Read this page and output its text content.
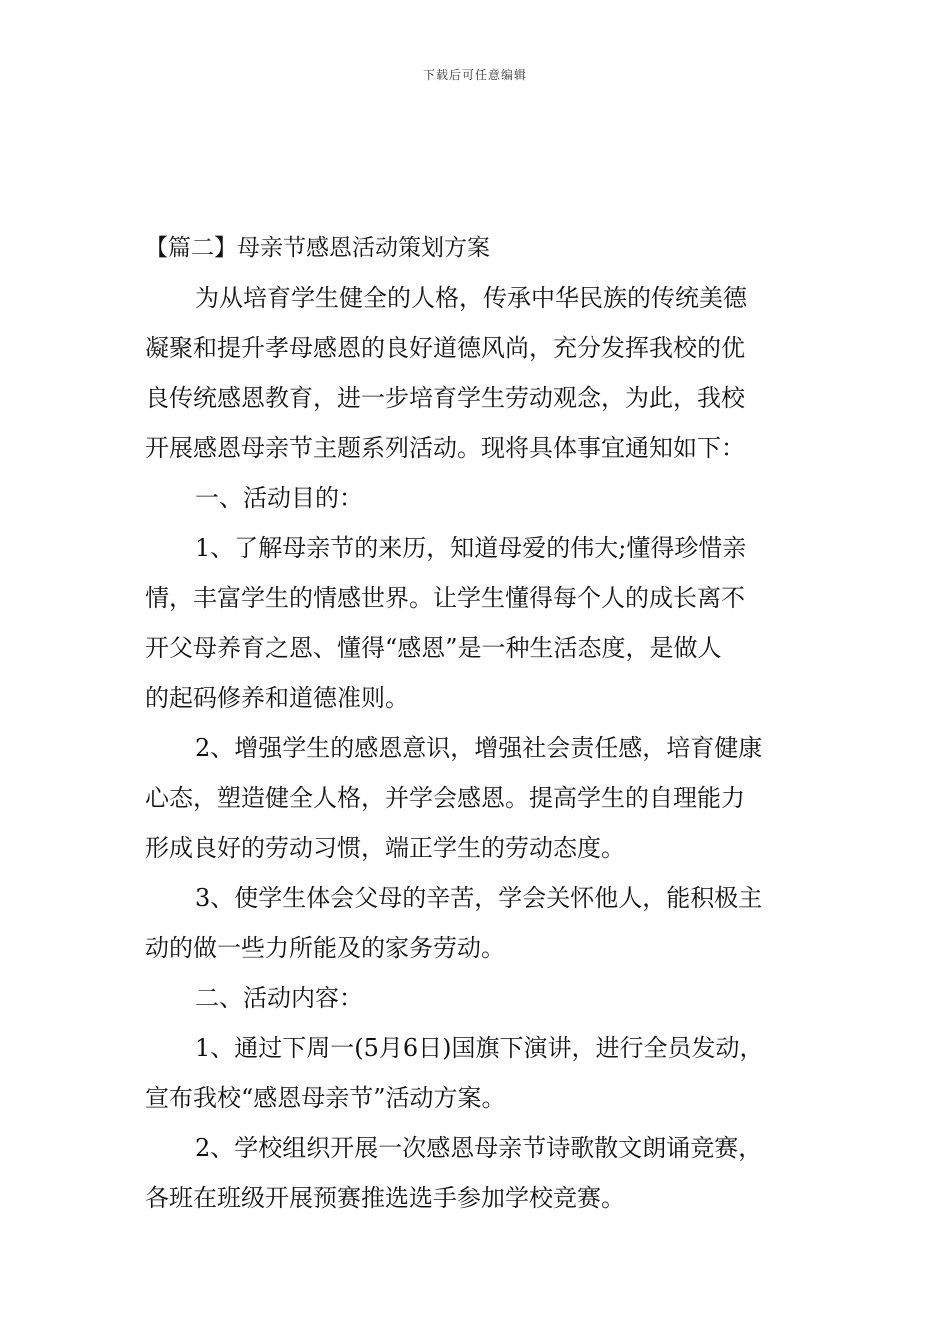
下载后可任意编辑
【篇二】母亲节感恩活动策划方案
为从培育学生健全的人格，传承中华民族的传统美德
凝聚和提升孝母感恩的良好道德风尚，充分发挥我校的优
良传统感恩教育，进一步培育学生劳动观念，为此，我校
开展感恩母亲节主题系列活动。现将具体事宜通知如下：
一、活动目的：
1、了解母亲节的来历，知道母爱的伟大;懂得珍惜亲
情，丰富学生的情感世界。让学生懂得每个人的成长离不
开父母养育之恩、懂得“感恩”是一种生活态度，是做人
的起码修养和道德准则。
2、增强学生的感恩意识，增强社会责任感，培育健康
心态，塑造健全人格，并学会感恩。提高学生的自理能力
形成良好的劳动习惯，端正学生的劳动态度。
3、使学生体会父母的辛苦，学会关怀他人，能积极主
动的做一些力所能及的家务劳动。
二、活动内容：
1、通过下周一(5月6日)国旗下演讲，进行全员发动，
宣布我校“感恩母亲节”活动方案。
2、学校组织开展一次感恩母亲节诗歌散文朗诵竞赛，
各班在班级开展预赛推选选手参加学校竞赛。
